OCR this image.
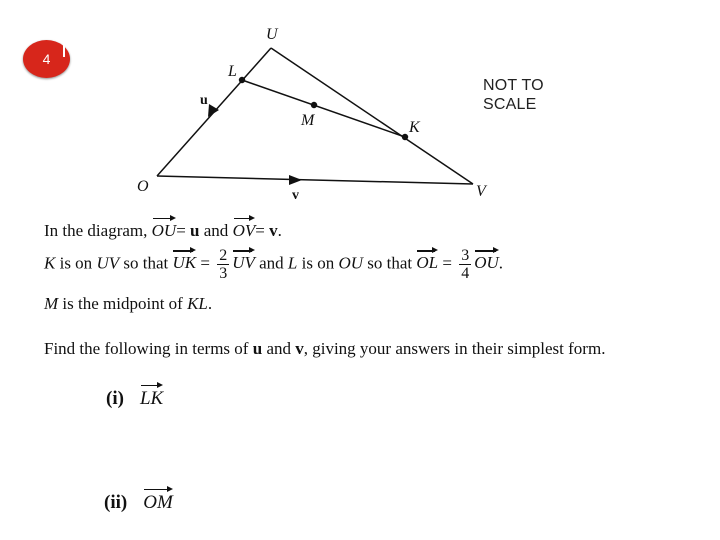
4
U
L
M	K
O	V
u
v
NOT TO
SCALE
In the diagram, OU= u and OV= v.
K is on UV so that UK = $\frac{2}{3}$ UV and L is on OU so that OL = $\frac{3}{4}$ OU.
M is the midpoint of KL.
Find the following in terms of u and v, giving your answers in their simplest form.
(i) LK
(ii) OM
